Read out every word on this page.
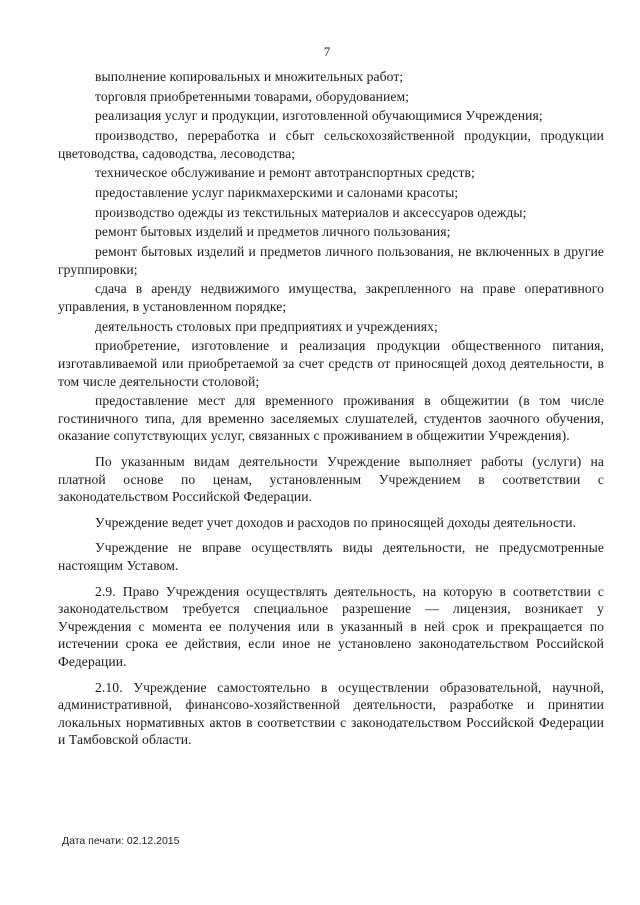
7

выполнение копировальных и множительных работ;

торговля приобретенными товарами, оборудованием;

реализация услуг и продукции, изготовленной обучающимися Учреждения;

производство, переработка и сбыт сельскохозяйственной продукции, продукции цветоводства, садоводства, лесоводства;

техническое обслуживание и ремонт автотранспортных средств;

предоставление услуг парикмахерскими и салонами красоты;

производство одежды из текстильных материалов и аксессуаров одежды;

ремонт бытовых изделий и предметов личного пользования;

ремонт бытовых изделий и предметов личного пользования, не включенных в другие группировки;

сдача в аренду недвижимого имущества, закрепленного на праве оперативного управления, в установленном порядке;

деятельность столовых при предприятиях и учреждениях;

приобретение, изготовление и реализация продукции общественного питания, изготавливаемой или приобретаемой за счет средств от приносящей доход деятельности, в том числе деятельности столовой;

предоставление мест для временного проживания в общежитии (в том числе гостиничного типа, для временно заселяемых слушателей, студентов заочного обучения, оказание сопутствующих услуг, связанных с проживанием в общежитии Учреждения).

По указанным видам деятельности Учреждение выполняет работы (услуги) на платной основе по ценам, установленным Учреждением в соответствии с законодательством Российской Федерации.

Учреждение ведет учет доходов и расходов по приносящей доходы деятельности.

Учреждение не вправе осуществлять виды деятельности, не предусмотренные настоящим Уставом.

2.9. Право Учреждения осуществлять деятельность, на которую в соответствии с законодательством требуется специальное разрешение — лицензия, возникает у Учреждения с момента ее получения или в указанный в ней срок и прекращается по истечении срока ее действия, если иное не установлено законодательством Российской Федерации.

2.10. Учреждение самостоятельно в осуществлении образовательной, научной, административной, финансово-хозяйственной деятельности, разработке и принятии локальных нормативных актов в соответствии с законодательством Российской Федерации и Тамбовской области.

Дата печати: 02.12.2015
